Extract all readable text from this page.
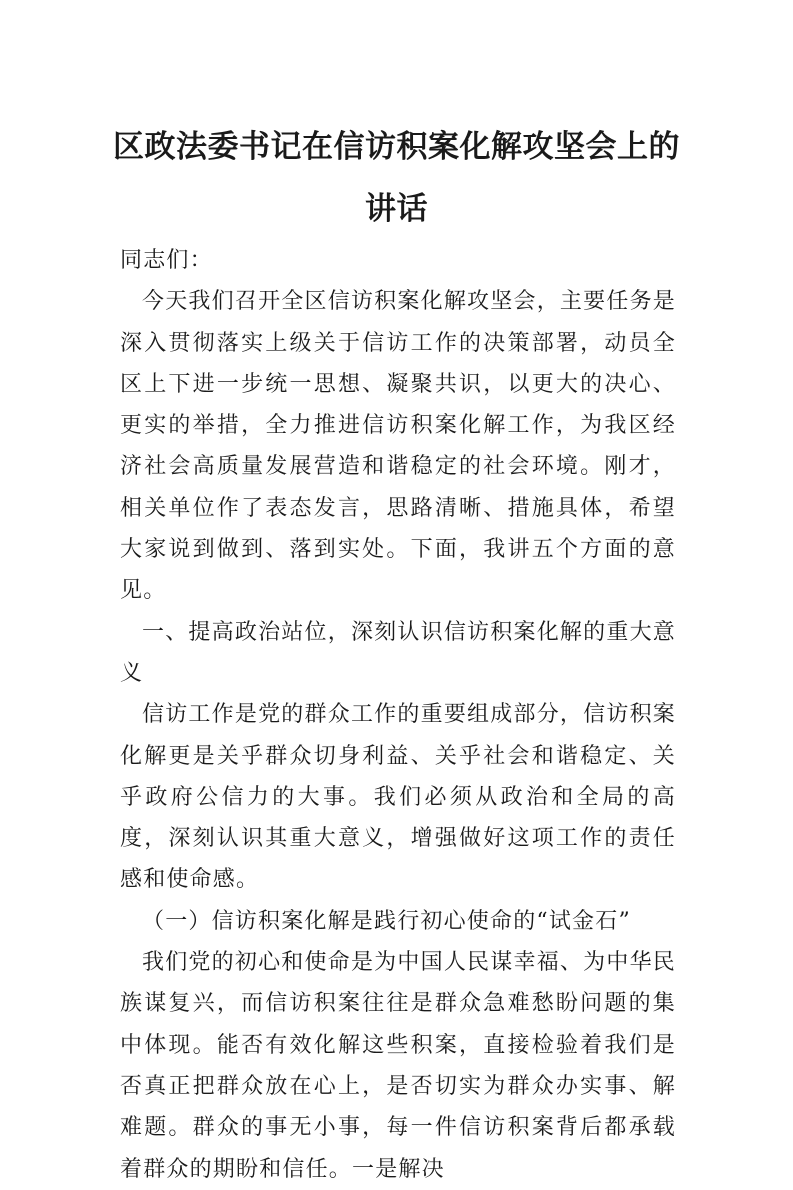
区政法委书记在信访积案化解攻坚会上的讲话

同志们：

今天我们召开全区信访积案化解攻坚会，主要任务是深入贯彻落实上级关于信访工作的决策部署，动员全区上下进一步统一思想、凝聚共识，以更大的决心、更实的举措，全力推进信访积案化解工作，为我区经济社会高质量发展营造和谐稳定的社会环境。刚才，相关单位作了表态发言，思路清晰、措施具体，希望大家说到做到、落到实处。下面，我讲五个方面的意见。

一、提高政治站位，深刻认识信访积案化解的重大意义

信访工作是党的群众工作的重要组成部分，信访积案化解更是关乎群众切身利益、关乎社会和谐稳定、关乎政府公信力的大事。我们必须从政治和全局的高度，深刻认识其重大意义，增强做好这项工作的责任感和使命感。

（一）信访积案化解是践行初心使命的“试金石”

我们党的初心和使命是为中国人民谋幸福、为中华民族谋复兴，而信访积案往往是群众急难愁盼问题的集中体现。能否有效化解这些积案，直接检验着我们是否真正把群众放在心上，是否切实为群众办实事、解难题。群众的事无小事，每一件信访积案背后都承载着群众的期盼和信任。一是解决
